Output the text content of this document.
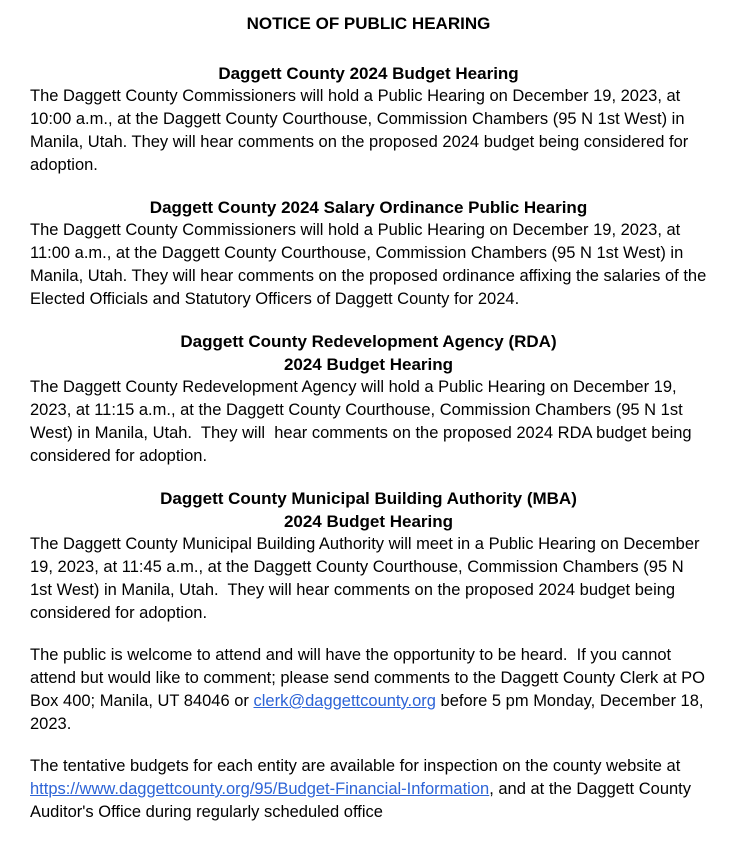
NOTICE OF PUBLIC HEARING
Daggett County 2024 Budget Hearing

The Daggett County Commissioners will hold a Public Hearing on December 19, 2023, at 10:00 a.m., at the Daggett County Courthouse, Commission Chambers (95 N 1st West) in Manila, Utah. They will hear comments on the proposed 2024 budget being considered for adoption.

Daggett County 2024 Salary Ordinance Public Hearing

The Daggett County Commissioners will hold a Public Hearing on December 19, 2023, at 11:00 a.m., at the Daggett County Courthouse, Commission Chambers (95 N 1st West) in Manila, Utah. They will hear comments on the proposed ordinance affixing the salaries of the Elected Officials and Statutory Officers of Daggett County for 2024.

Daggett County Redevelopment Agency (RDA)
2024 Budget Hearing

The Daggett County Redevelopment Agency will hold a Public Hearing on December 19, 2023, at 11:15 a.m., at the Daggett County Courthouse, Commission Chambers (95 N 1st West) in Manila, Utah.  They will  hear comments on the proposed 2024 RDA budget being considered for adoption.

Daggett County Municipal Building Authority (MBA)
2024 Budget Hearing

The Daggett County Municipal Building Authority will meet in a Public Hearing on December 19, 2023, at 11:45 a.m., at the Daggett County Courthouse, Commission Chambers (95 N 1st West) in Manila, Utah.  They will hear comments on the proposed 2024 budget being considered for adoption.

The public is welcome to attend and will have the opportunity to be heard.  If you cannot attend but would like to comment; please send comments to the Daggett County Clerk at PO Box 400; Manila, UT 84046 or clerk@daggettcounty.org before 5 pm Monday, December 18, 2023.

The tentative budgets for each entity are available for inspection on the county website at https://www.daggettcounty.org/95/Budget-Financial-Information, and at the Daggett County Auditor's Office during regularly scheduled office
